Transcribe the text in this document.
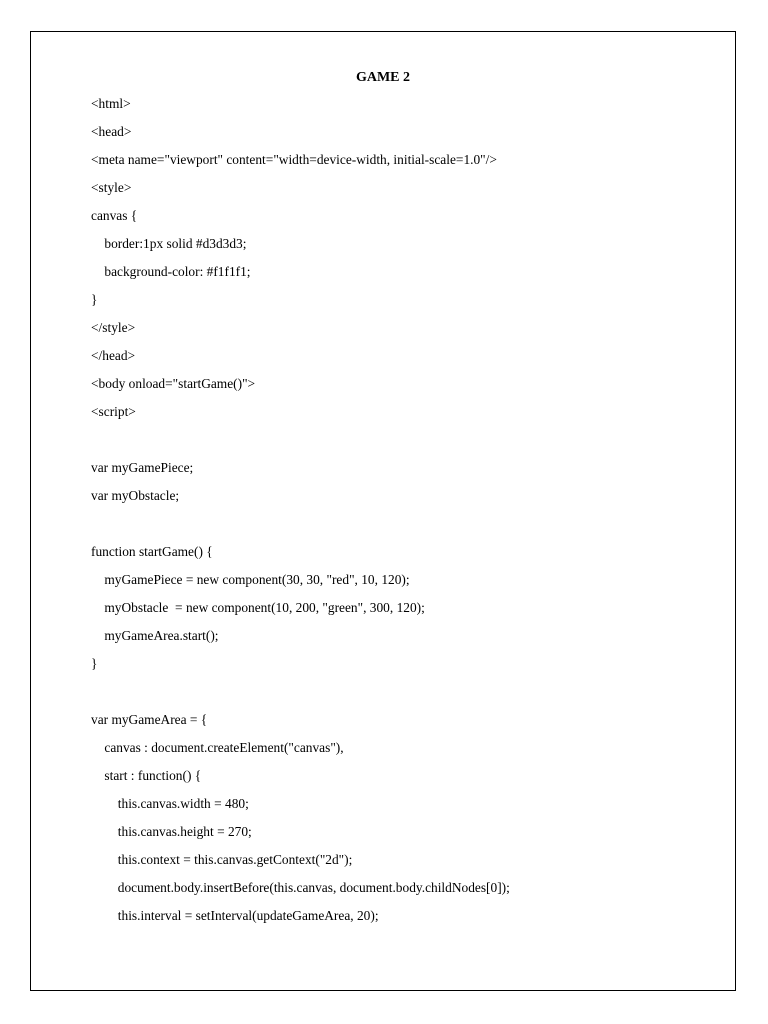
GAME 2
<html>
<head>
<meta name="viewport" content="width=device-width, initial-scale=1.0"/>
<style>
canvas {
border:1px solid #d3d3d3;
background-color: #f1f1f1;
}
</style>
</head>
<body onload="startGame()">
<script>
var myGamePiece;
var myObstacle;
function startGame() {
myGamePiece = new component(30, 30, "red", 10, 120);
myObstacle  = new component(10, 200, "green", 300, 120);
myGameArea.start();
}
var myGameArea = {
canvas : document.createElement("canvas"),
start : function() {
this.canvas.width = 480;
this.canvas.height = 270;
this.context = this.canvas.getContext("2d");
document.body.insertBefore(this.canvas, document.body.childNodes[0]);
this.interval = setInterval(updateGameArea, 20);
